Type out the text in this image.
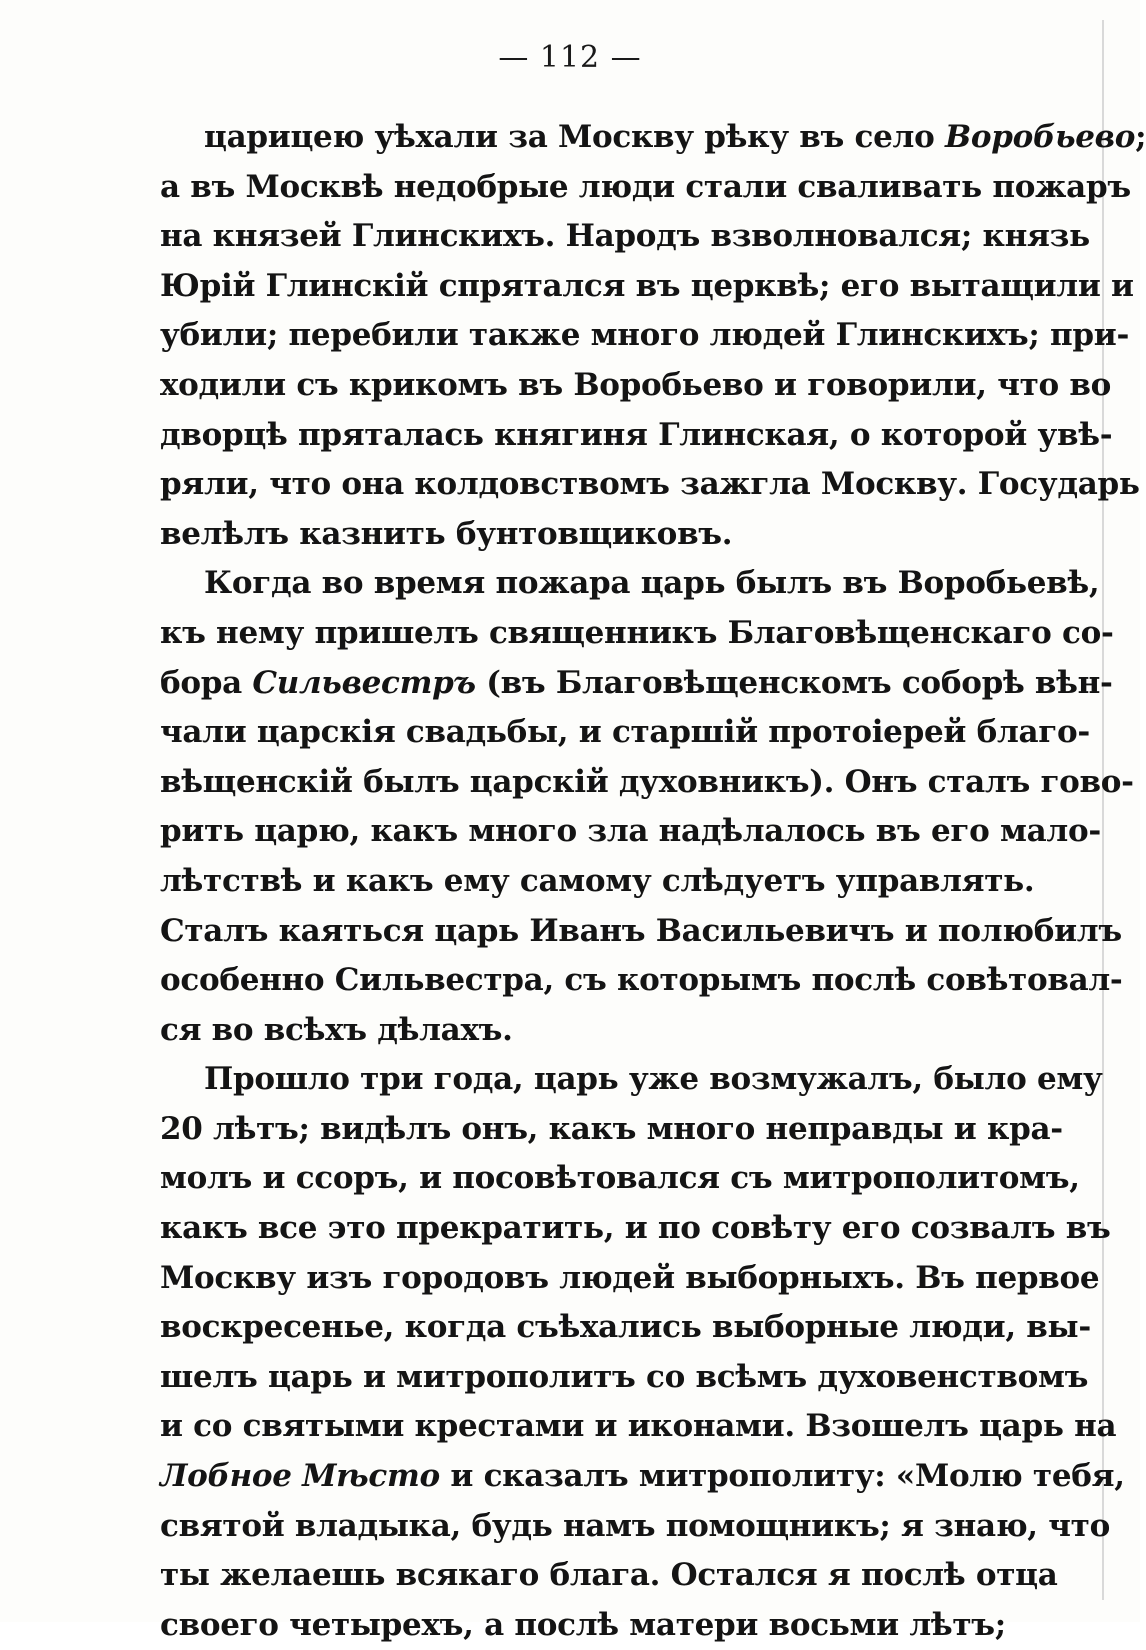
— 112 —
царицею уѣхали за Москву рѣку въ село Воробьево;
а въ Москвѣ недобрые люди стали сваливать пожаръ
на князей Глинскихъ. Народъ взволновался; князь
Юрій Глинскій спрятался въ церквѣ; его вытащили и
убили; перебили также много людей Глинскихъ; при-
ходили съ крикомъ въ Воробьево и говорили, что во
дворцѣ пряталась княгиня Глинская, о которой увѣ-
ряли, что она колдовствомъ зажгла Москву. Государь
велѣлъ казнить бунтовщиковъ.
Когда во время пожара царь былъ въ Воробьевѣ,
къ нему пришелъ священникъ Благовѣщенскаго со-
бора Сильвестръ (въ Благовѣщенскомъ соборѣ вѣн-
чали царскія свадьбы, и старшій протоіерей благо-
вѣщенскій былъ царскій духовникъ). Онъ сталъ гово-
рить царю, какъ много зла надѣлалось въ его мало-
лѣтствѣ и какъ ему самому слѣдуетъ управлять.
Сталъ каяться царь Иванъ Васильевичъ и полюбилъ
особенно Сильвестра, съ которымъ послѣ совѣтовал-
ся во всѣхъ дѣлахъ.
Прошло три года, царь уже возмужалъ, было ему
20 лѣтъ; видѣлъ онъ, какъ много неправды и кра-
молъ и ссоръ, и посовѣтовался съ митрополитомъ,
какъ все это прекратить, и по совѣту его созвалъ въ
Москву изъ городовъ людей выборныхъ. Въ первое
воскресенье, когда съѣхались выборные люди, вы-
шелъ царь и митрополитъ со всѣмъ духовенствомъ
и со святыми крестами и иконами. Взошелъ царь на
Лобное Мѣсто и сказалъ митрополиту: «Молю тебя,
святой владыка, будь намъ помощникъ; я знаю, что
ты желаешь всякаго блага. Остался я послѣ отца
своего четырехъ, а послѣ матери восьми лѣтъ;
